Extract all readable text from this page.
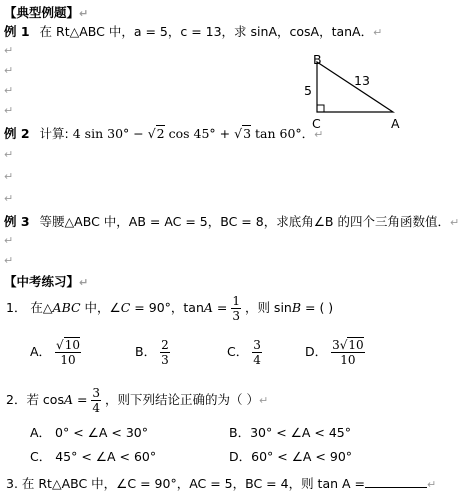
【典型例题】↵
例 1 在 Rt△ABC 中，a = 5，c = 13，求 sinA，cosA，tanA．↵
↵
↵
↵
↵
B
C	A
5
13
例 2 计算: 4 sin 30° − √2 cos 45° + √3 tan 60°．↵
↵
↵
↵
例 3 等腰△ABC 中，AB = AC = 5，BC = 8，求底角∠B 的四个三角函数值．↵
↵
↵
【中考练习】↵
1． 在△ABC 中，∠C = 90°，$\tan A = \frac{1}{3}$ ，则 sinB = ( )
A． $\frac{√10}{10}$	B． $\frac{2}{3}$	C． $\frac{3}{4}$	D． $\frac{3√10}{10}$
2．若 $\cos A = \frac{3}{4}$ ，则下列结论正确的为（ ）↵
A． 0° < ∠A < 30°	B．30° < ∠A < 45°
C． 45° < ∠A < 60°	D．60° < ∠A < 90°
3. 在 Rt△ABC 中，∠C = 90°，AC = 5，BC = 4，则 tan A =	↵
